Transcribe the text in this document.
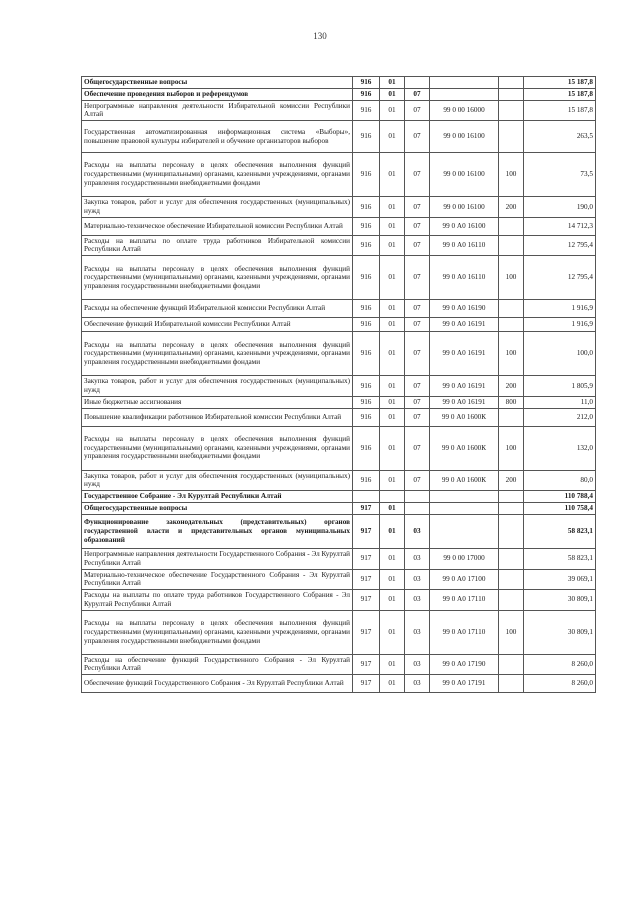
130
Общегосударственные вопросы	916	01				15 187,8
Обеспечение проведения выборов и референдумов	916	01	07			15 187,8
Непрограммные направления деятельности Избирательной комиссии Республики Алтай	916	01	07	99 0 00 16000		15 187,8
Государственная автоматизированная информационная система «Выборы», повышение правовой культуры избирателей и обучение организаторов выборов	916	01	07	99 0 00 16100		263,5
Расходы на выплаты персоналу в целях обеспечения выполнения функций государственными (муниципальными) органами, казенными учреждениями, органами управления государственными внебюджетными фондами	916	01	07	99 0 00 16100	100	73,5
Закупка товаров, работ и услуг для обеспечения государственных (муниципальных) нужд	916	01	07	99 0 00 16100	200	190,0
Материально-техническое обеспечение Избирательной комиссии Республики Алтай	916	01	07	99 0 А0 16100		14 712,3
Расходы на выплаты по оплате труда работников Избирательной комиссии Республики Алтай	916	01	07	99 0 А0 16110		12 795,4
Расходы на выплаты персоналу в целях обеспечения выполнения функций государственными (муниципальными) органами, казенными учреждениями, органами управления государственными внебюджетными фондами	916	01	07	99 0 А0 16110	100	12 795,4
Расходы на обеспечение функций Избирательной комиссии Республики Алтай	916	01	07	99 0 А0 16190		1 916,9
Обеспечение функций Избирательной комиссии Республики Алтай	916	01	07	99 0 А0 16191		1 916,9
Расходы на выплаты персоналу в целях обеспечения выполнения функций государственными (муниципальными) органами, казенными учреждениями, органами управления государственными внебюджетными фондами	916	01	07	99 0 А0 16191	100	100,0
Закупка товаров, работ и услуг для обеспечения государственных (муниципальных) нужд	916	01	07	99 0 А0 16191	200	1 805,9
Иные бюджетные ассигнования	916	01	07	99 0 А0 16191	800	11,0
Повышение квалификации работников Избирательной комиссии Республики Алтай	916	01	07	99 0 А0 1600К		212,0
Расходы на выплаты персоналу в целях обеспечения выполнения функций государственными (муниципальными) органами, казенными учреждениями, органами управления государственными внебюджетными фондами	916	01	07	99 0 А0 1600К	100	132,0
Закупка товаров, работ и услуг для обеспечения государственных (муниципальных) нужд	916	01	07	99 0 А0 1600К	200	80,0
Государственное Собрание - Эл Курултай Республики Алтай						110 788,4
Общегосударственные вопросы	917	01				110 758,4
Функционирование законодательных (представительных) органов государственной власти и представительных органов муниципальных образований	917	01	03			58 823,1
Непрограммные направления деятельности Государственного Собрания - Эл Курултай Республики Алтай	917	01	03	99 0 00 17000		58 823,1
Материально-техническое обеспечение Государственного Собрания - Эл Курултай Республики Алтай	917	01	03	99 0 А0 17100		39 069,1
Расходы на выплаты по оплате труда работников Государственного Собрания - Эл Курултай Республики Алтай	917	01	03	99 0 А0 17110		30 809,1
Расходы на выплаты персоналу в целях обеспечения выполнения функций государственными (муниципальными) органами, казенными учреждениями, органами управления государственными внебюджетными фондами	917	01	03	99 0 А0 17110	100	30 809,1
Расходы на обеспечение функций Государственного Собрания - Эл Курултай Республики Алтай	917	01	03	99 0 А0 17190		8 260,0
Обеспечение функций Государственного Собрания - Эл Курултай Республики Алтай	917	01	03	99 0 А0 17191		8 260,0
